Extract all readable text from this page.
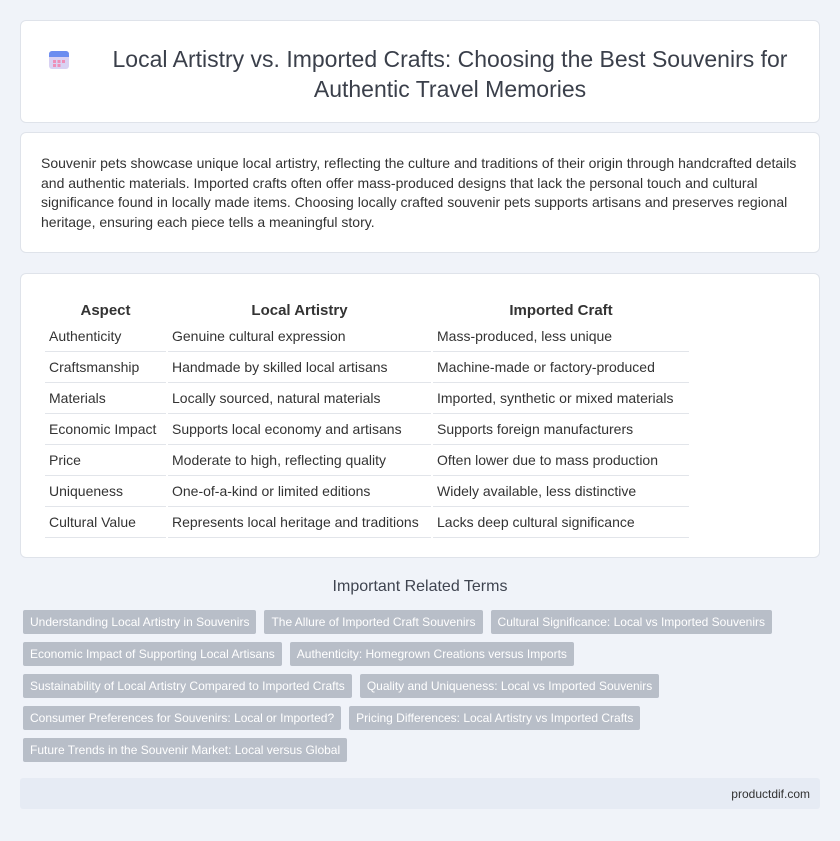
Local Artistry vs. Imported Crafts: Choosing the Best Souvenirs for Authentic Travel Memories

Souvenir pets showcase unique local artistry, reflecting the culture and traditions of their origin through handcrafted details and authentic materials. Imported crafts often offer mass-produced designs that lack the personal touch and cultural significance found in locally made items. Choosing locally crafted souvenir pets supports artisans and preserves regional heritage, ensuring each piece tells a meaningful story.

Aspect	Local Artistry	Imported Craft
Authenticity	Genuine cultural expression	Mass-produced, less unique
Craftsmanship	Handmade by skilled local artisans	Machine-made or factory-produced
Materials	Locally sourced, natural materials	Imported, synthetic or mixed materials
Economic Impact	Supports local economy and artisans	Supports foreign manufacturers
Price	Moderate to high, reflecting quality	Often lower due to mass production
Uniqueness	One-of-a-kind or limited editions	Widely available, less distinctive
Cultural Value	Represents local heritage and traditions	Lacks deep cultural significance
Important Related Terms
Understanding Local Artistry in Souvenirs	The Allure of Imported Craft Souvenirs	Cultural Significance: Local vs Imported Souvenirs
Economic Impact of Supporting Local Artisans	Authenticity: Homegrown Creations versus Imports
Sustainability of Local Artistry Compared to Imported Crafts	Quality and Uniqueness: Local vs Imported Souvenirs
Consumer Preferences for Souvenirs: Local or Imported?	Pricing Differences: Local Artistry vs Imported Crafts
Future Trends in the Souvenir Market: Local versus Global
productdif.com
